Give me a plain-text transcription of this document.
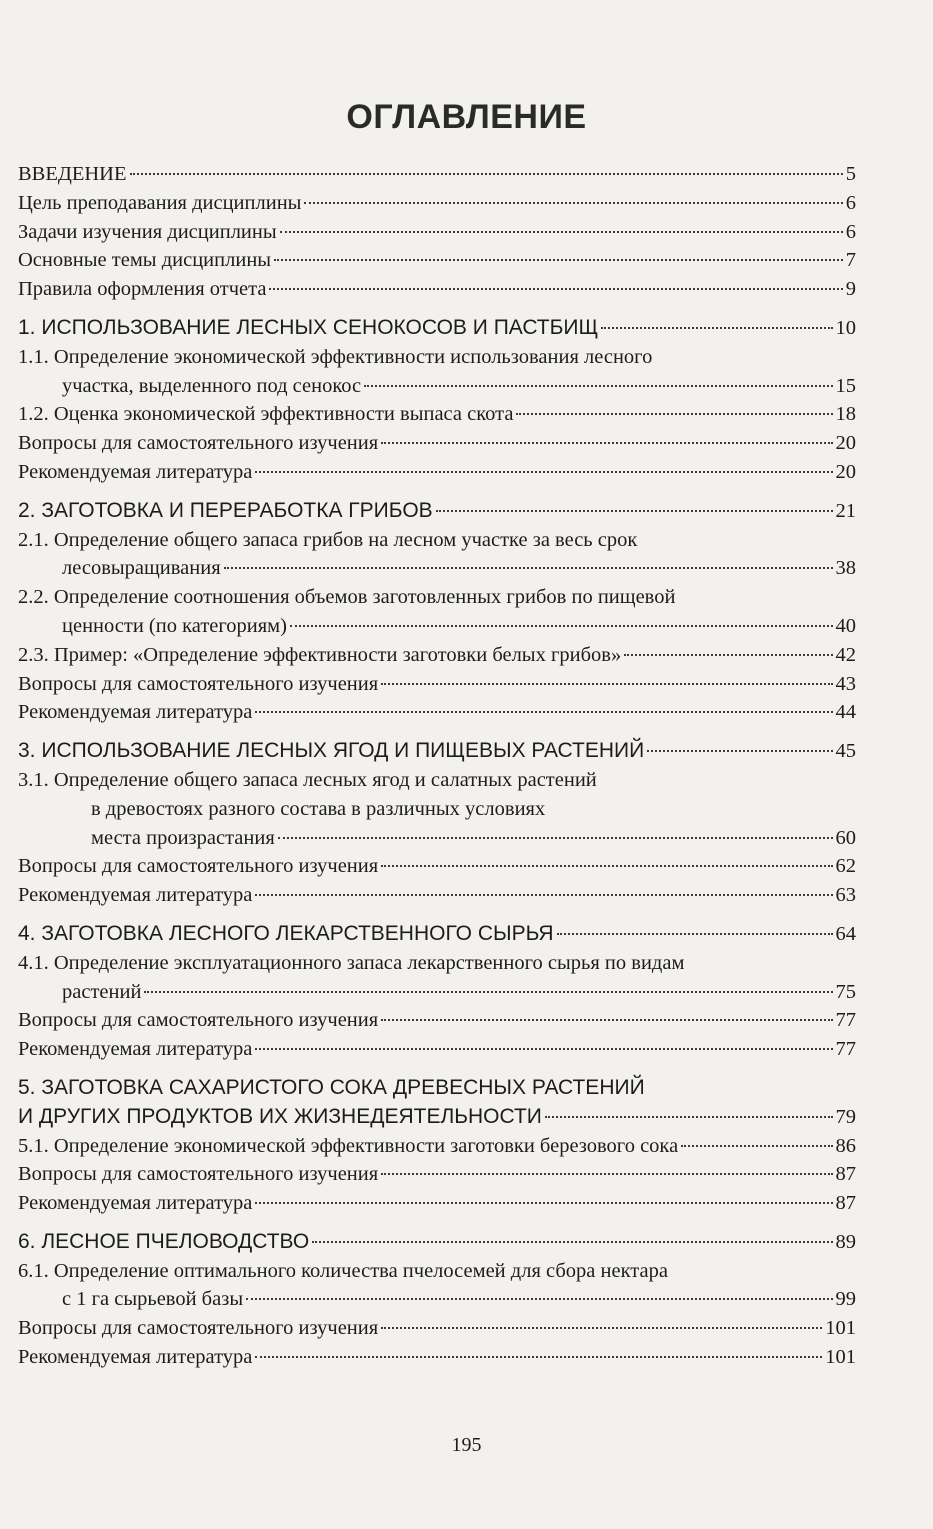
ОГЛАВЛЕНИЕ
ВВЕДЕНИЕ	5
Цель преподавания дисциплины	6
Задачи изучения дисциплины	6
Основные темы дисциплины	7
Правила оформления отчета	9
1. ИСПОЛЬЗОВАНИЕ ЛЕСНЫХ СЕНОКОСОВ И ПАСТБИЩ	10
1.1. Определение экономической эффективности использования лесного
участка, выделенного под сенокос	15
1.2. Оценка экономической эффективности выпаса скота	18
Вопросы для самостоятельного изучения	20
Рекомендуемая литература	20
2. ЗАГОТОВКА И ПЕРЕРАБОТКА ГРИБОВ	21
2.1. Определение общего запаса грибов на лесном участке за весь срок
лесовыращивания	38
2.2. Определение соотношения объемов заготовленных грибов по пищевой
ценности (по категориям)	40
2.3. Пример: «Определение эффективности заготовки белых грибов»	42
Вопросы для самостоятельного изучения	43
Рекомендуемая литература	44
3. ИСПОЛЬЗОВАНИЕ ЛЕСНЫХ ЯГОД И ПИЩЕВЫХ РАСТЕНИЙ	45
3.1. Определение общего запаса лесных ягод и салатных растений
в древостоях разного состава в различных условиях
места произрастания	60
Вопросы для самостоятельного изучения	62
Рекомендуемая литература	63
4. ЗАГОТОВКА ЛЕСНОГО ЛЕКАРСТВЕННОГО СЫРЬЯ	64
4.1. Определение эксплуатационного запаса лекарственного сырья по видам
растений	75
Вопросы для самостоятельного изучения	77
Рекомендуемая литература	77
5. ЗАГОТОВКА САХАРИСТОГО СОКА ДРЕВЕСНЫХ РАСТЕНИЙ
И ДРУГИХ ПРОДУКТОВ ИХ ЖИЗНЕДЕЯТЕЛЬНОСТИ	79
5.1. Определение экономической эффективности заготовки березового сока	86
Вопросы для самостоятельного изучения	87
Рекомендуемая литература	87
6. ЛЕСНОЕ ПЧЕЛОВОДСТВО	89
6.1. Определение оптимального количества пчелосемей для сбора нектара
с 1 га сырьевой базы	99
Вопросы для самостоятельного изучения	101
Рекомендуемая литература	101
195
